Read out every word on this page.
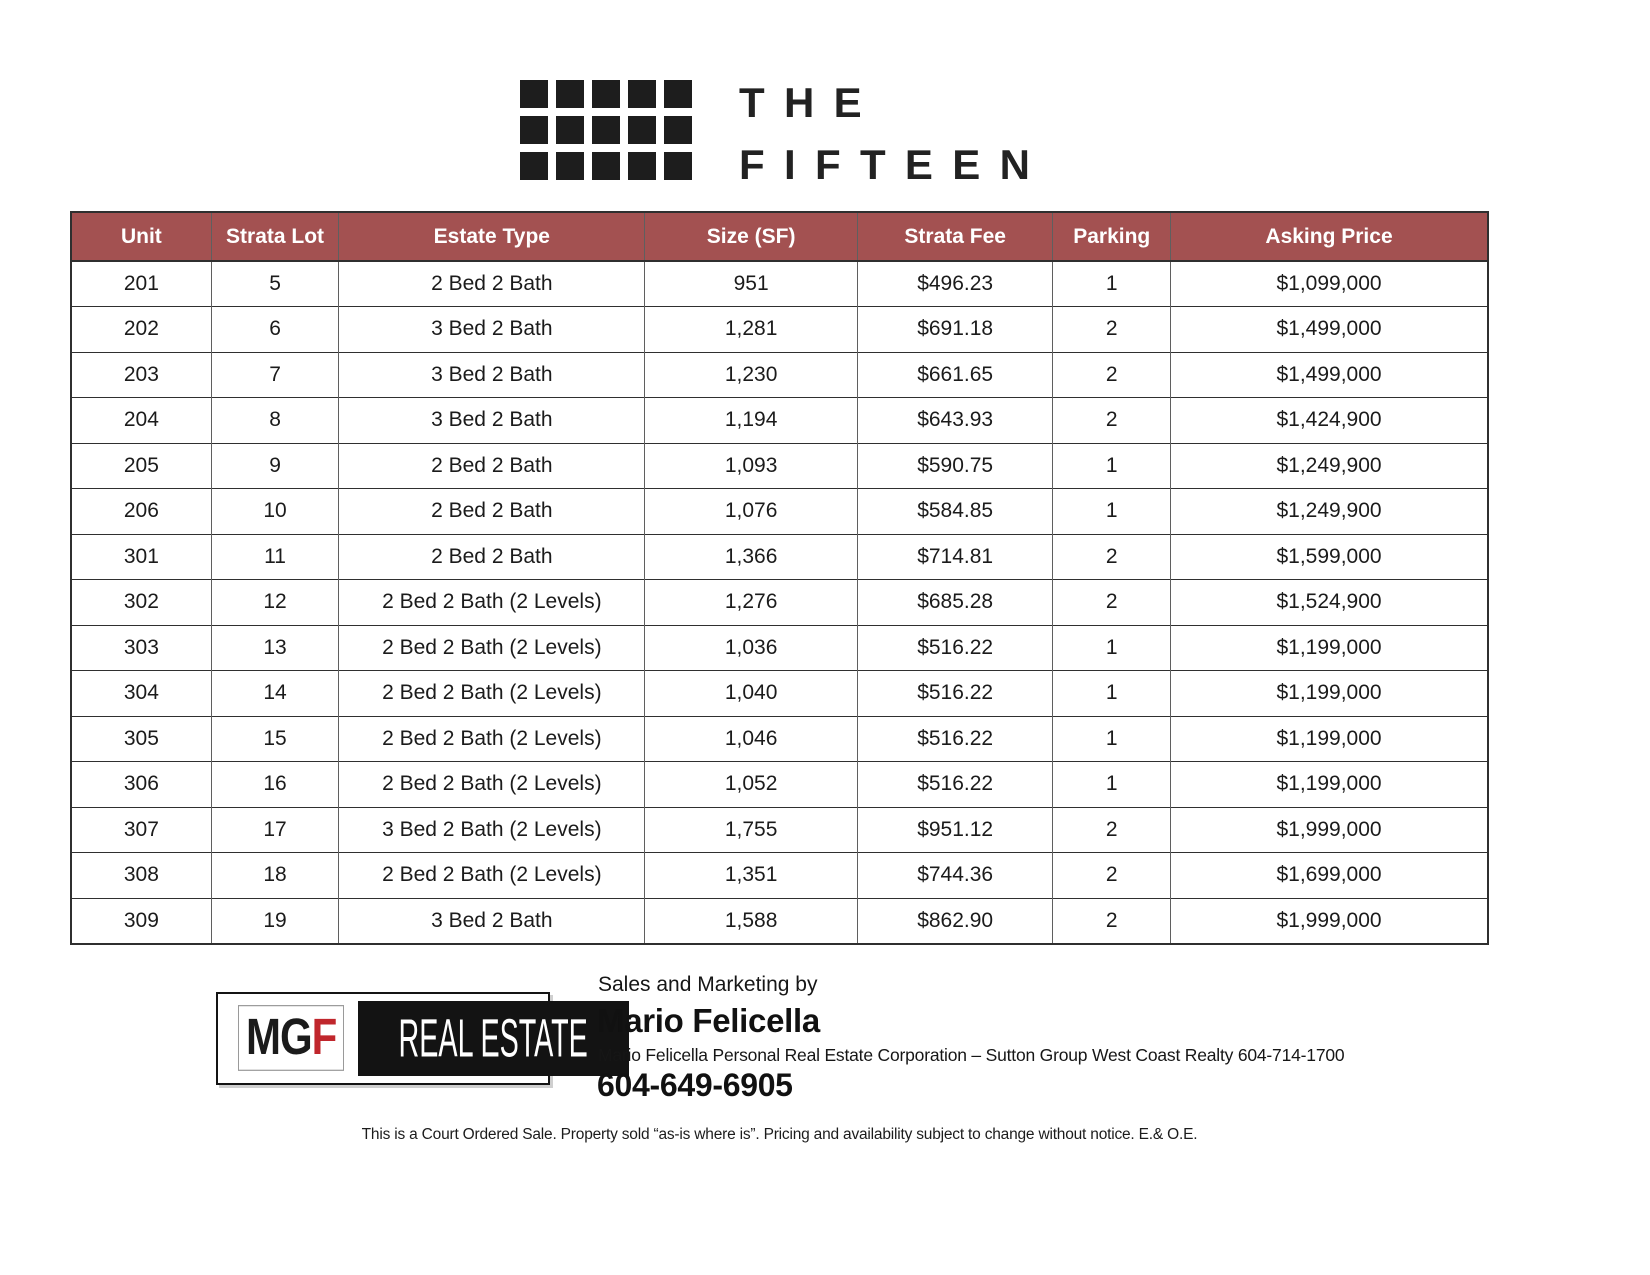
THE
FIFTEEN
Unit	Strata Lot	Estate Type	Size (SF)	Strata Fee	Parking	Asking Price
201	5	2 Bed 2 Bath	951	$496.23	1	$1,099,000
202	6	3 Bed 2 Bath	1,281	$691.18	2	$1,499,000
203	7	3 Bed 2 Bath	1,230	$661.65	2	$1,499,000
204	8	3 Bed 2 Bath	1,194	$643.93	2	$1,424,900
205	9	2 Bed 2 Bath	1,093	$590.75	1	$1,249,900
206	10	2 Bed 2 Bath	1,076	$584.85	1	$1,249,900
301	11	2 Bed 2 Bath	1,366	$714.81	2	$1,599,000
302	12	2 Bed 2 Bath (2 Levels)	1,276	$685.28	2	$1,524,900
303	13	2 Bed 2 Bath (2 Levels)	1,036	$516.22	1	$1,199,000
304	14	2 Bed 2 Bath (2 Levels)	1,040	$516.22	1	$1,199,000
305	15	2 Bed 2 Bath (2 Levels)	1,046	$516.22	1	$1,199,000
306	16	2 Bed 2 Bath (2 Levels)	1,052	$516.22	1	$1,199,000
307	17	3 Bed 2 Bath (2 Levels)	1,755	$951.12	2	$1,999,000
308	18	2 Bed 2 Bath (2 Levels)	1,351	$744.36	2	$1,699,000
309	19	3 Bed 2 Bath	1,588	$862.90	2	$1,999,000
MGF REAL ESTATE
Sales and Marketing by
Mario Felicella
Mario Felicella Personal Real Estate Corporation – Sutton Group West Coast Realty 604-714-1700
604-649-6905
This is a Court Ordered Sale. Property sold “as-is where is”. Pricing and availability subject to change without notice. E.& O.E.
